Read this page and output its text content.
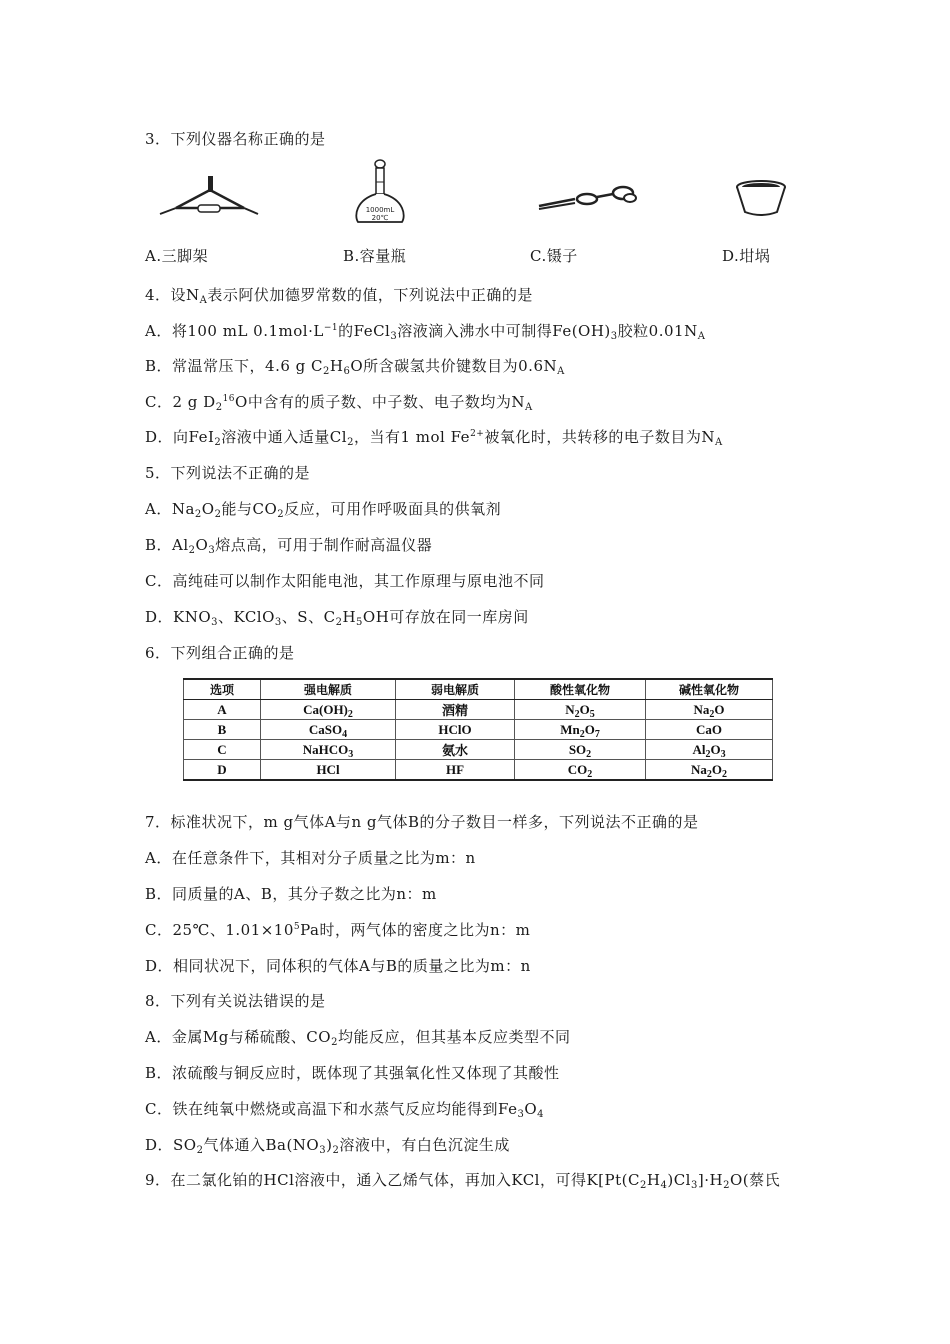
3．下列仪器名称正确的是
1000mL
20℃
A.三脚架	B.容量瓶	C.镊子	D.坩埚
4．设$N_A$表示阿伏加德罗常数的值，下列说法中正确的是
A．将100 mL $0.1mol\cdot L^{-1}$的FeCl$_3$溶液滴入沸水中可制得$Fe(OH)_3$胶粒$0.01N_A$
B．常温常压下，4.6 g $C_2H_6O$所含碳氢共价键数目为$0.6N_A$
C．2 g $D_2^{16}O$中含有的质子数、中子数、电子数均为$N_A$
D．向FeI$_2$溶液中通入适量$Cl_2$，当有1 mol $Fe^{2+}$被氧化时，共转移的电子数目为$N_A$
5．下列说法不正确的是
A．$Na_2O_2$能与$CO_2$反应，可用作呼吸面具的供氧剂
B．$Al_2O_3$熔点高，可用于制作耐高温仪器
C．高纯硅可以制作太阳能电池，其工作原理与原电池不同
D．$KNO_3$、KClO$_3$、S、$C_2H_5OH$可存放在同一库房间
6．下列组合正确的是
选项	强电解质	弱电解质	酸性氧化物	碱性氧化物
A	$Ca(OH)_2$	酒精	$N_2O_5$	$Na_2O$
B	CaSO$_4$	HClO	$Mn_2O_7$	CaO
C	NaHCO$_3$	氨水	$SO_2$	$Al_2O_3$
D	HCl	HF	$CO_2$	$Na_2O_2$
7．标准状况下，m g气体A与n g气体B的分子数目一样多，下列说法不正确的是
A．在任意条件下，其相对分子质量之比为m：n
B．同质量的A、B，其分子数之比为n：m
C．25℃、$1.01\times 10^5Pa$时，两气体的密度之比为n：m
D．相同状况下，同体积的气体A与B的质量之比为m：n
8．下列有关说法错误的是
A．金属Mg与稀硫酸、$CO_2$均能反应，但其基本反应类型不同
B．浓硫酸与铜反应时，既体现了其强氧化性又体现了其酸性
C．铁在纯氧中燃烧或高温下和水蒸气反应均能得到$Fe_3O_4$
D．$SO_2$气体通入$Ba(NO_3)_2$溶液中，有白色沉淀生成
9．在二氯化铂的HCl溶液中，通入乙烯气体，再加入KCl，可得$K[Pt(C_2H_4)Cl_3]\cdot H_2O$(蔡氏
